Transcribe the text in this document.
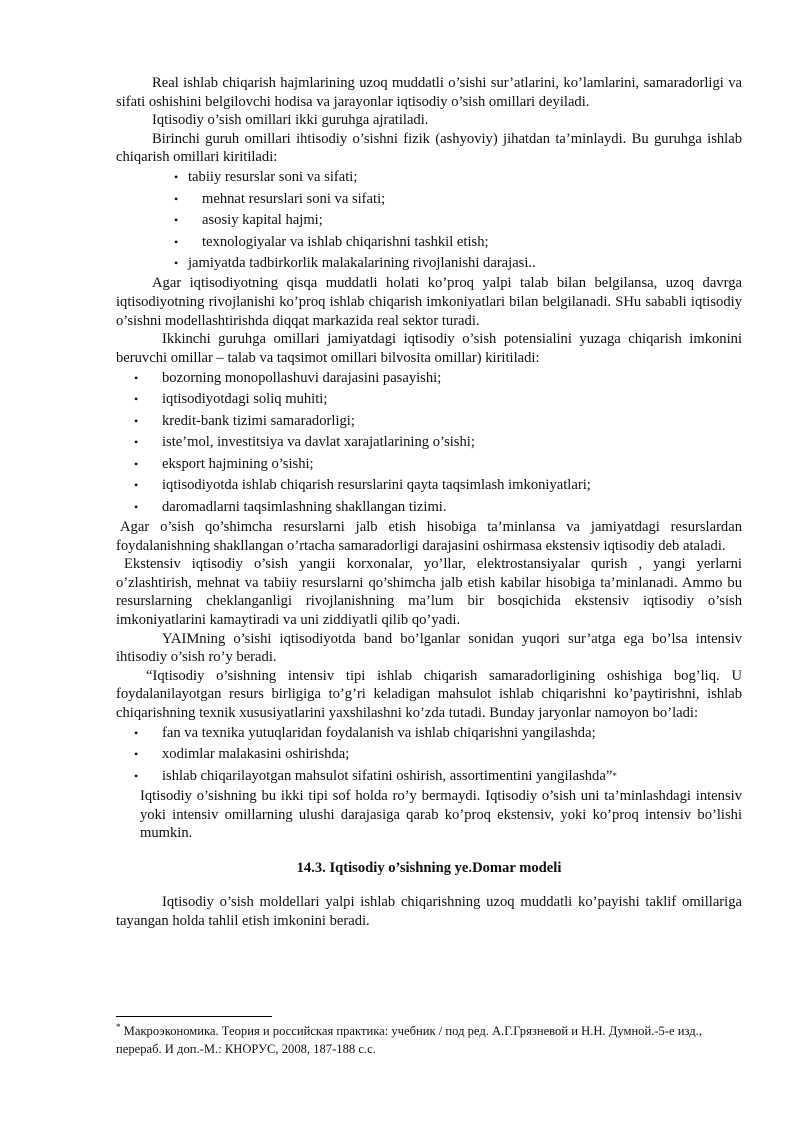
Real ishlab chiqarish hajmlarining uzoq muddatli o’sishi sur’atlarini, ko’lamlarini, samaradorligi va sifati oshishini belgilovchi hodisa va jarayonlar iqtisodiy o’sish omillari deyiladi.

Iqtisodiy o’sish omillari ikki guruhga ajratiladi.

Birinchi guruh omillari ihtisodiy o’sishni fizik (ashyoviy) jihatdan ta’minlaydi. Bu guruhga ishlab chiqarish omillari kiritiladi:

• tabiiy resurslar soni va sifati;
•	mehnat resurslari soni va sifati;
•	asosiy kapital hajmi;
•	texnologiyalar va ishlab chiqarishni tashkil etish;
• jamiyatda tadbirkorlik malakalarining rivojlanishi darajasi..

Agar iqtisodiyotning qisqa muddatli holati ko’proq yalpi talab bilan belgilansa, uzoq davrga iqtisodiyotning rivojlanishi ko’proq ishlab chiqarish imkoniyatlari bilan belgilanadi. SHu sababli iqtisodiy o’sishni modellashtirishda diqqat markazida real sektor turadi.

Ikkinchi guruhga omillari jamiyatdagi iqtisodiy o’sish potensialini yuzaga chiqarish imkonini beruvchi omillar – talab va taqsimot omillari bilvosita omillar) kiritiladi:

•	bozorning monopollashuvi darajasini pasayishi;
•	iqtisodiyotdagi soliq muhiti;
•	kredit-bank tizimi samaradorligi;
•	iste’mol, investitsiya va davlat xarajatlarining o’sishi;
•	eksport hajmining o’sishi;
•	iqtisodiyotda ishlab chiqarish resurslarini qayta taqsimlash imkoniyatlari;
•	daromadlarni taqsimlashning shakllangan tizimi.

Agar o’sish qo’shimcha resurslarni jalb etish hisobiga ta’minlansa va jamiyatdagi resurslardan foydalanishning shakllangan o’rtacha samaradorligi darajasini oshirmasa ekstensiv iqtisodiy deb ataladi.

Ekstensiv iqtisodiy o’sish yangii korxonalar, yo’llar, elektrostansiyalar qurish , yangi yerlarni o’zlashtirish, mehnat va tabiiy resurslarni qo’shimcha jalb etish kabilar hisobiga ta’minlanadi. Ammo bu resurslarning cheklanganligi rivojlanishning ma’lum bir bosqichida ekstensiv iqtisodiy o’sish imkoniyatlarini kamaytiradi va uni ziddiyatli qilib qo’yadi.

YAIMning o’sishi iqtisodiyotda band bo’lganlar sonidan yuqori sur’atga ega bo’lsa intensiv ihtisodiy o’sish ro’y beradi.

“Iqtisodiy o’sishning intensiv tipi ishlab chiqarish samaradorligining oshishiga bog’liq. U foydalanilayotgan resurs birligiga to’g’ri keladigan mahsulot ishlab chiqarishni ko’paytirishni, ishlab chiqarishning texnik xususiyatlarini yaxshilashni ko’zda tutadi. Bunday jaryonlar namoyon bo’ladi:

•	fan va texnika yutuqlaridan foydalanish va ishlab chiqarishni yangilashda;
•	xodimlar malakasini oshirishda;
•	ishlab chiqarilayotgan mahsulot sifatini oshirish, assortimentini yangilashda” *

Iqtisodiy o’sishning bu ikki tipi sof holda ro’y bermaydi. Iqtisodiy o’sish uni ta’minlashdagi intensiv yoki intensiv omillarning ulushi darajasiga qarab ko’proq ekstensiv, yoki ko’proq intensiv bo’lishi mumkin.

14.3. Iqtisodiy o’sishning ye.Domar modeli

Iqtisodiy o’sish moldellari yalpi ishlab chiqarishning uzoq muddatli ko’payishi taklif omillariga tayangan holda tahlil etish imkonini beradi.

* Макроэкономика. Теория и российская практика: учебник / под ред. А.Г.Грязневой и Н.Н. Думной.-5-е изд., перераб. И доп.-М.: КНОРУС, 2008, 187-188 с.с.
